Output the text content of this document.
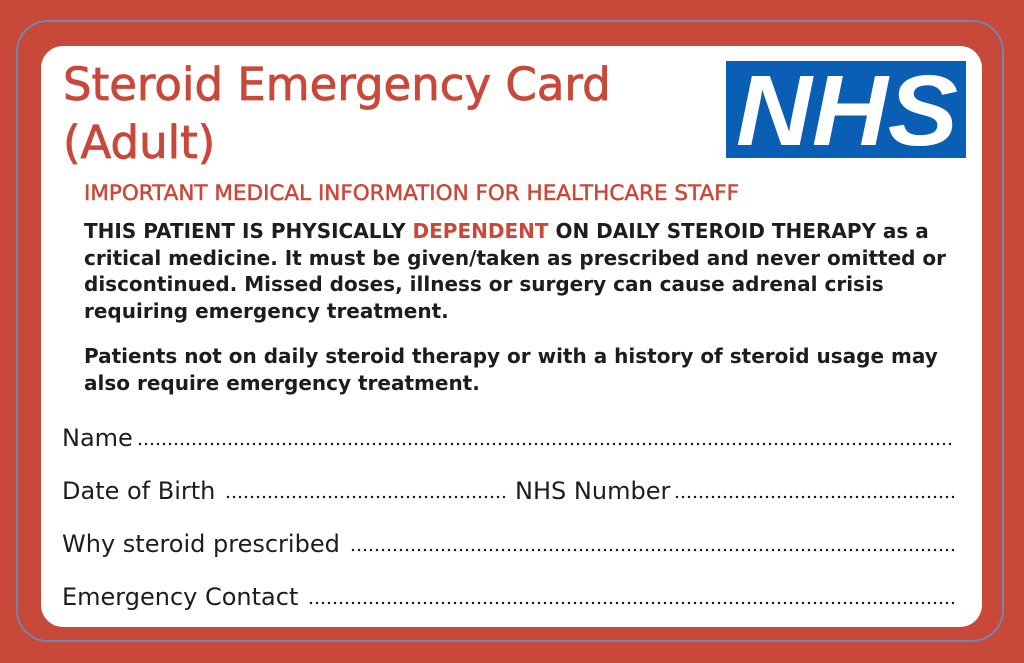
Steroid Emergency Card
(Adult)	NHS
IMPORTANT MEDICAL INFORMATION FOR HEALTHCARE STAFF

THIS PATIENT IS PHYSICALLY DEPENDENT ON DAILY STEROID THERAPY as a critical medicine. It must be given/taken as prescribed and never omitted or discontinued. Missed doses, illness or surgery can cause adrenal crisis requiring emergency treatment.

Patients not on daily steroid therapy or with a history of steroid usage may also require emergency treatment.

Name
Date of Birth	NHS Number
Why steroid prescribed
Emergency Contact
